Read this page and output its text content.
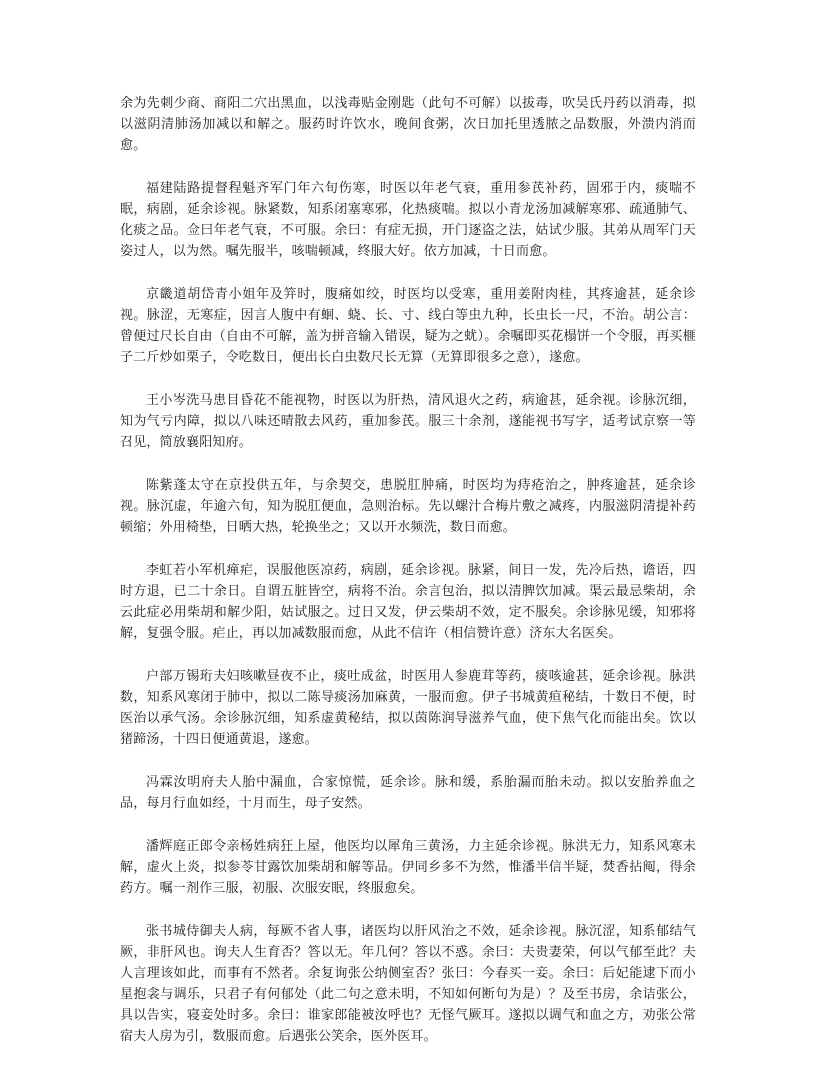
余为先刺少商、商阳二穴出黑血，以浅毒贴金刚匙（此句不可解）以拔毒，吹吴氏丹药以消毒，拟以滋阴清肺汤加减以和解之。服药时许饮水，晚间食粥，次日加托里透脓之品数服，外溃内消而愈。

福建陆路提督程魁齐军门年六旬伤寒，时医以年老气衰，重用参芪补药，固邪于内，痰喘不眠，病剧，延余诊视。脉紧数，知系闭塞寒邪，化热痰喘。拟以小青龙汤加减解寒邪、疏通肺气、化痰之品。佥曰年老气衰，不可服。余曰：有症无损，开门逐盗之法，姑试少服。其弟从周军门天姿过人，以为然。嘱先服半，咳喘顿减，终服大好。依方加减，十日而愈。

京畿道胡岱青小姐年及笄时，腹痛如绞，时医均以受寒，重用姜附肉桂，其疼逾甚，延余诊视。脉涩，无寒症，因言人腹中有蛔、蛲、长、寸、线白等虫九种，长虫长一尺，不治。胡公言：曾便过尺长自由（自由不可解，盖为拼音输入错误，疑为之蚘）。余嘱即买花榻饼一个令服，再买榧子二斤炒如栗子，令吃数日，便出长白虫数尺长无算（无算即很多之意），遂愈。

王小岑洗马患目昏花不能视物，时医以为肝热，清风退火之药，病逾甚，延余视。诊脉沉细，知为气亏内障，拟以八味还晴散去风药，重加参芪。服三十余剂，遂能视书写字，适考试京察一等召见，简放襄阳知府。

陈紫蓬太守在京投供五年，与余契交，患脱肛肿痛，时医均为痔疮治之，肿疼逾甚，延余诊视。脉沉虚，年逾六旬，知为脱肛便血，急则治标。先以螺汁合梅片敷之减疼，内服滋阴清提补药顿缩；外用椅垫，日晒大热，轮换坐之；又以开水频洗，数日而愈。

李虹若小军机瘅疟，误服他医凉药，病剧，延余诊视。脉紧，间日一发，先冷后热，谵语，四时方退，已二十余日。自谓五脏皆空，病将不治。余言包治，拟以清脾饮加减。渠云最忌柴胡，余云此症必用柴胡和解少阳，姑试服之。过日又发，伊云柴胡不效，定不服矣。余诊脉见缓，知邪将解，复强令服。疟止，再以加减数服而愈，从此不信许（相信赞许意）济东大名医矣。

户部万锡珩夫妇咳嗽昼夜不止，痰吐成盆，时医用人参鹿茸等药，痰咳逾甚，延余诊视。脉洪数，知系风寒闭于肺中，拟以二陈导痰汤加麻黄，一服而愈。伊子书城黄疸秘结，十数日不便，时医治以承气汤。余诊脉沉细，知系虚黄秘结，拟以茵陈润导滋养气血，使下焦气化而能出矣。饮以猪蹄汤，十四日便通黄退，遂愈。

冯霖汝明府夫人胎中漏血，合家惊慌，延余诊。脉和缓，系胎漏而胎未动。拟以安胎养血之品，每月行血如经，十月而生，母子安然。

潘辉庭正郎令亲杨姓病狂上屋，他医均以犀角三黄汤，力主延余诊视。脉洪无力，知系风寒未解，虚火上炎，拟参苓甘露饮加柴胡和解等品。伊同乡多不为然，惟潘半信半疑，焚香拈阄，得余药方。嘱一剂作三服，初服、次服安眠，终服愈矣。

张书城侍御夫人病，每厥不省人事，诸医均以肝风治之不效，延余诊视。脉沉涩，知系郁结气厥，非肝风也。询夫人生育否？答以无。年几何？答以不惑。余曰：夫贵妻荣，何以气郁至此？夫人言理该如此，而事有不然者。余复询张公纳侧室否？张曰：今春买一妾。余曰：后妃能逮下而小星抱衾与调乐，只君子有何郁处（此二句之意未明，不知如何断句为是）？及至书房，余诘张公，具以告实，寝妾处时多。余曰：谁家郎能被汝呼也？无怪气厥耳。遂拟以调气和血之方，劝张公常宿夫人房为引，数服而愈。后遇张公笑余，医外医耳。
